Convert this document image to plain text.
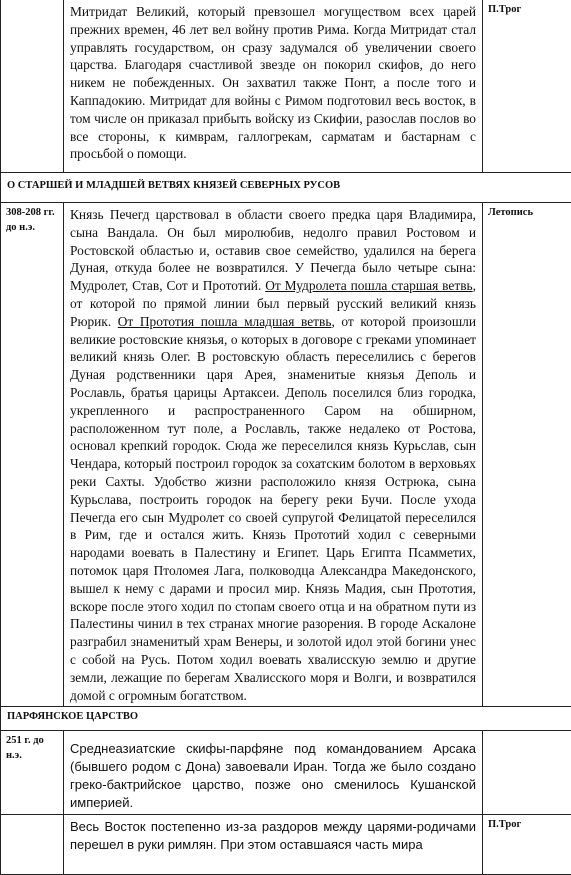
	Митридат Великий, который превзошел могуществом всех царей прежних времен, 46 лет вел войну против Рима. Когда Митридат стал управлять государством, он сразу задумался об увеличении своего царства. Благодаря счастливой звезде он покорил скифов, до него никем не побежденных. Он захватил также Понт, а после того и Каппадокию. Митридат для войны с Римом подготовил весь восток, в том числе он приказал прибыть войску из Скифии, разослав послов во все стороны, к кимврам, галлогрекам, сарматам и бастарнам с просьбой о помощи.	П.Трог
О СТАРШЕЙ И МЛАДШЕЙ ВЕТВЯХ КНЯЗЕЙ СЕВЕРНЫХ РУСОВ		
308-208 гг. до н.э.	Князь Печегд царствовал в области своего предка царя Владимира, сына Вандала. Он был миролюбив, недолго правил Ростовом и Ростовской областью и, оставив свое семейство, удалился на берега Дуная, откуда более не возвратился. У Печегда было четыре сына: Мудролет, Став, Сот и Прототий. От Мудролета пошла старшая ветвь, от которой по прямой линии был первый русский великий князь Рюрик. От Прототия пошла младшая ветвь, от которой произошли великие ростовские князья, о которых в договоре с греками упоминает великий князь Олег. В ростовскую область переселились с берегов Дуная родственники царя Арея, знаменитые князья Деполь и Рославль, братья царицы Артаксеи. Деполь поселился близ городка, укрепленного и распространенного Саром на обширном, расположенном тут поле, а Рославль, также недалеко от Ростова, основал крепкий городок. Сюда же переселился князь Курьслав, сын Чендара, который построил городок за сохатским болотом в верховьях реки Сахты. Удобство жизни расположило князя Острюка, сына Курьслава, построить городок на берегу реки Бучи. После ухода Печегда его сын Мудролет со своей супругой Фелицатой переселился в Рим, где и остался жить. Князь Прототий ходил с северными народами воевать в Палестину и Египет. Царь Египта Псамметих, потомок царя Птоломея Лага, полководца Александра Македонского, вышел к нему с дарами и просил мир. Князь Мадия, сын Прототия, вскоре после этого ходил по стопам своего отца и на обратном пути из Палестины чинил в тех странах многие разорения. В городе Аскалоне разграбил знаменитый храм Венеры, и золотой идол этой богини унес с собой на Русь. Потом ходил воевать хвалисскую землю и другие земли, лежащие по берегам Хвалисского моря и Волги, и возвратился домой с огромным богатством.	Летопись
ПАРФЯНСКОЕ ЦАРСТВО		
251 г. до н.э.	Среднеазиатские скифы-парфяне под командованием Арсака (бывшего родом с Дона) завоевали Иран. Тогда же было создано греко-бактрийское царство, позже оно сменилось Кушанской империей.	
	Весь Восток постепенно из-за раздоров между царями-родичами перешел в руки римлян. При этом оставшаяся часть мира	П.Трог
